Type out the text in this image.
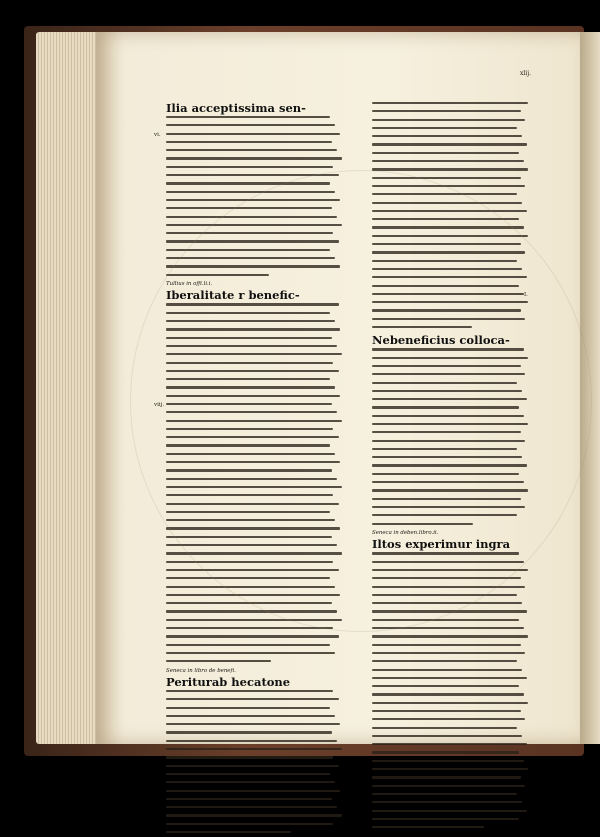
xlij.
Ilia acceptissima sen-
Tullius in offi.li.i.
Iberalitate r benefic-
Seneca in libro de benefi.
Periturab hecatone
Nebeneficius colloca-
Seneca in deben.libro.ii.
Iltos experimur ingra
vi.
viij.
I.
